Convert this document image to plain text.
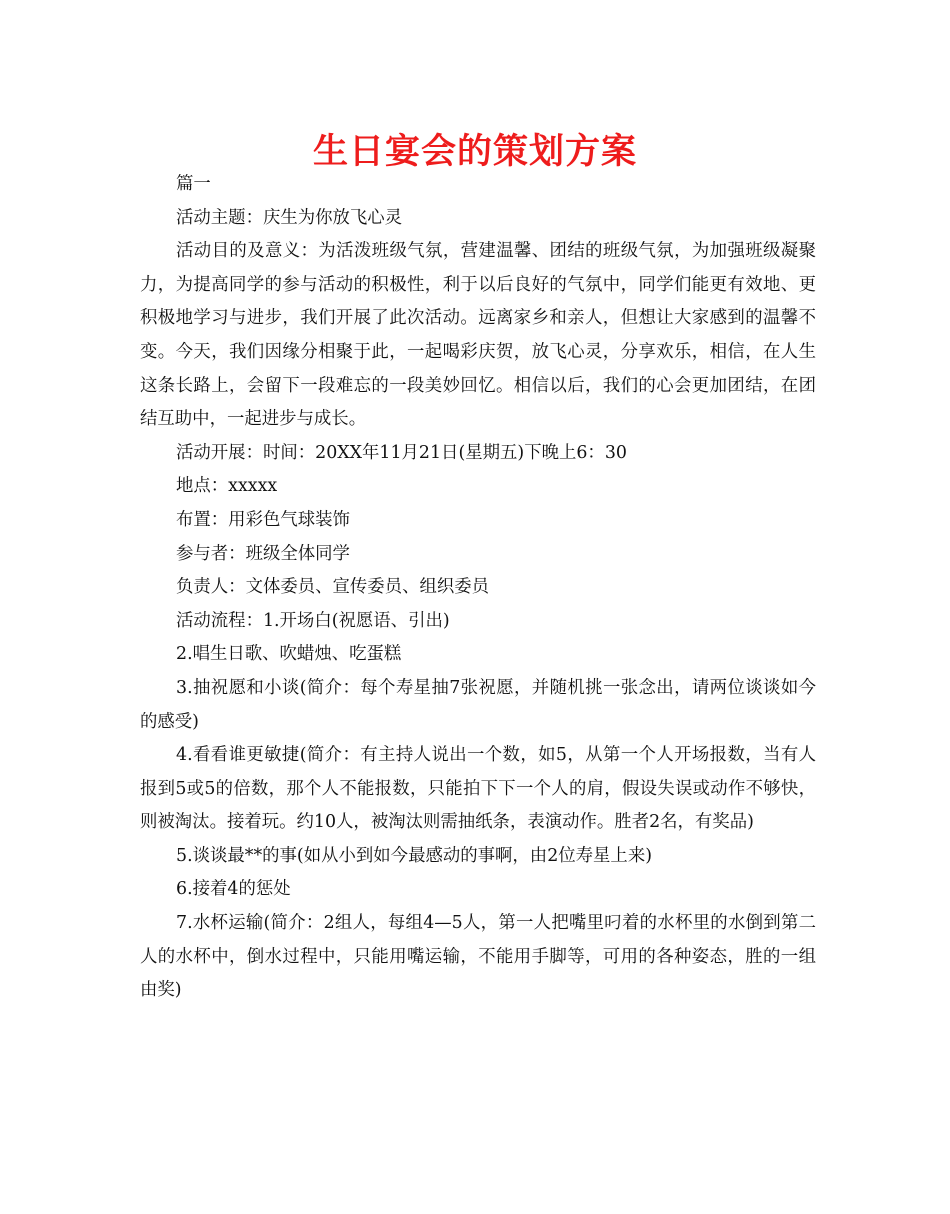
生日宴会的策划方案

篇一

活动主题：庆生为你放飞心灵

活动目的及意义：为活泼班级气氛，营建温馨、团结的班级气氛，为加强班级凝聚力，为提高同学的参与活动的积极性，利于以后良好的气氛中，同学们能更有效地、更积极地学习与进步，我们开展了此次活动。远离家乡和亲人，但想让大家感到的温馨不变。今天，我们因缘分相聚于此，一起喝彩庆贺，放飞心灵，分享欢乐，相信，在人生这条长路上，会留下一段难忘的一段美妙回忆。相信以后，我们的心会更加团结，在团结互助中，一起进步与成长。

活动开展：时间：20XX年11月21日(星期五)下晚上6：30

地点：xxxxx

布置：用彩色气球装饰

参与者：班级全体同学

负责人：文体委员、宣传委员、组织委员

活动流程：1.开场白(祝愿语、引出)

2.唱生日歌、吹蜡烛、吃蛋糕

3.抽祝愿和小谈(简介：每个寿星抽7张祝愿，并随机挑一张念出，请两位谈谈如今的感受)

4.看看谁更敏捷(简介：有主持人说出一个数，如5，从第一个人开场报数，当有人报到5或5的倍数，那个人不能报数，只能拍下下一个人的肩，假设失误或动作不够快，则被淘汰。接着玩。约10人，被淘汰则需抽纸条，表演动作。胜者2名，有奖品)

5.谈谈最**的事(如从小到如今最感动的事啊，由2位寿星上来)

6.接着4的惩处

7.水杯运输(简介：2组人，每组4—5人，第一人把嘴里叼着的水杯里的水倒到第二人的水杯中，倒水过程中，只能用嘴运输，不能用手脚等，可用的各种姿态，胜的一组由奖)
